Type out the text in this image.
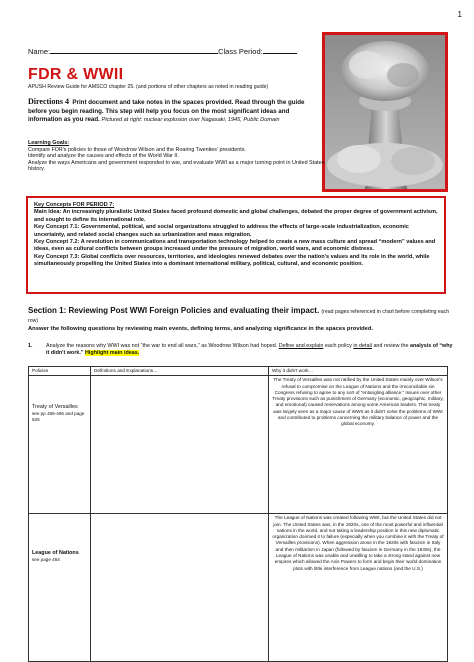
1
Name:	Class Period:
FDR & WWII
APUSH Review Guide for AMSCO chapter 25. (and portions of other chapters as noted in reading guide)
Directions 4 Print document and take notes in the spaces provided. Read through the guide before you begin reading. This step will help you focus on the most significant ideas and information as you read. Pictured at right: nuclear explosion over Nagasaki, 1945, Public Domain
Learning Goals:
Compare FDR's policies to those of Woodrow Wilson and the Roaring Twenties' presidents.
Identify and analyze the causes and effects of the World War II.
Analyze the ways Americans and government responded to war, and evaluate WWI as a major turning point in United States history.
Key Concepts FOR PERIOD 7:
Main Idea: An increasingly pluralistic United States faced profound domestic and global challenges, debated the proper degree of government activism, and sought to define its international role.
Key Concept 7.1: Governmental, political, and social organizations struggled to address the effects of large-scale industrialization, economic uncertainty, and related social changes such as urbanization and mass migration.
Key Concept 7.2: A revolution in communications and transportation technology helped to create a new mass culture and spread “modern” values and ideas, even as cultural conflicts between groups increased under the pressure of migration, world wars, and economic distress.
Key Concept 7.3: Global conflicts over resources, territories, and ideologies renewed debates over the nation's values and its role in the world, while simultaneously propelling the United States into a dominant international military, political, cultural, and economic position.
Section 1: Reviewing Post WWI Foreign Policies and evaluating their impact. (read pages referenced in chart before completing each row)
Answer the following questions by reviewing main events, defining terms, and analyzing significance in the spaces provided.
1.	Analyze the reasons why WWI was not “the war to end all wars,” as Woodrow Wilson had hoped. Define and explain each policy in detail and review the analysis of “why it didn't work.” Highlight main ideas.
Policies	Definitions and Explanations…	Why it didn't work…

Treaty of Versailles
see pp 465-466 and page 525		The Treaty of Versailles was not ratified by the United States mainly over Wilson's refusal to compromise on the League of Nations and the irreconcilable sin Congress refusing to agree to any sort of “entangling alliance.” Issues over other Treaty provisions such as punishment of Germany (economic, geographic, military, and emotional) caused reservations among some American leaders. This treaty was largely seen as a major cause of WWII as it didn't solve the problems of WWI and contributed to problems concerning the military balance of power and the global economy.

League of Nations
see page 464		The League of Nations was created following WWI, but the United States did not join. The United States was, in the 1920s, one of the most powerful and influential nations in the world, and not taking a leadership position in this new diplomatic organization doomed it to failure (especially when you combine it with the Treaty of Versailles provisions). When aggression arose in the 1920s with fascism in Italy and then militarism in Japan (followed by fascism in Germany in the 1930s), the League of Nations was unable and unwilling to take a strong stand against new empires which allowed the Axis Powers to form and begin their world domination plots with little interference from League nations (and the U.S.)
